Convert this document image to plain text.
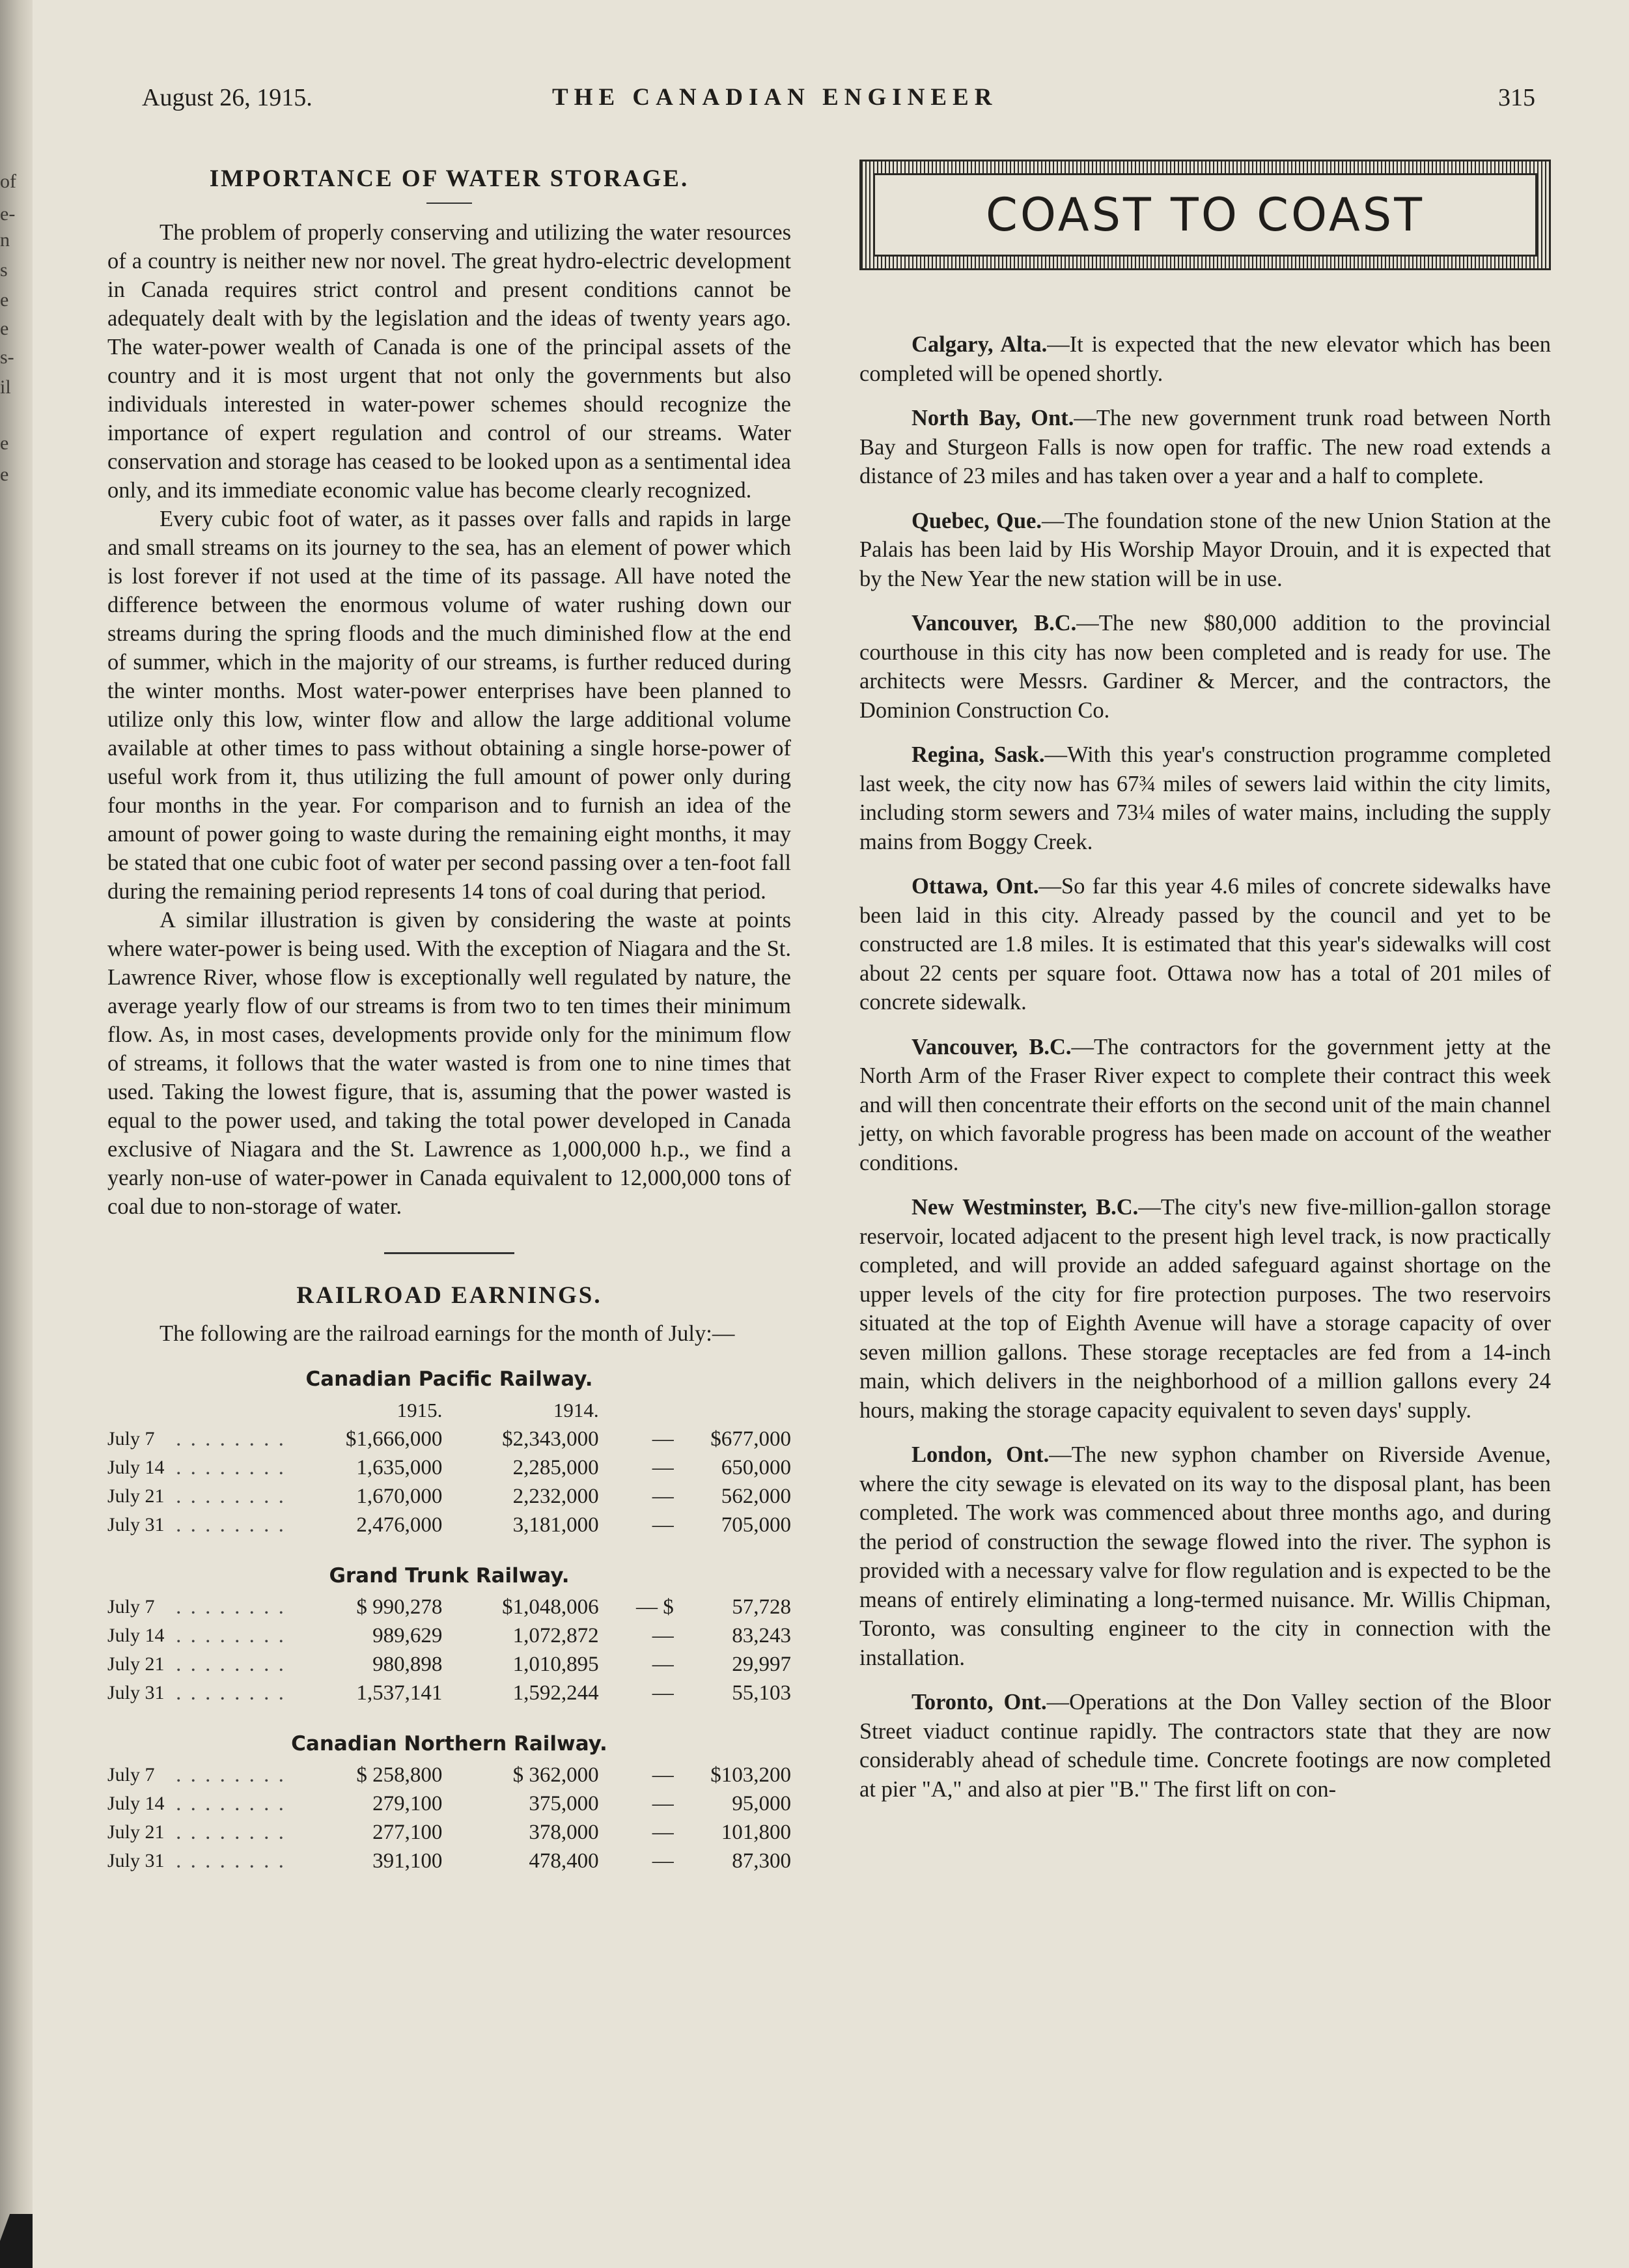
of
e-
n
s
e
e
s-
il
e
e
August 26, 1915.	THE CANADIAN ENGINEER	315
IMPORTANCE OF WATER STORAGE.

The problem of properly conserving and utilizing the water resources of a country is neither new nor novel. The great hydro-electric development in Canada requires strict control and present conditions cannot be adequately dealt with by the legislation and the ideas of twenty years ago. The water-power wealth of Canada is one of the principal assets of the country and it is most urgent that not only the governments but also individuals interested in water-power schemes should recognize the importance of expert regulation and control of our streams. Water conservation and storage has ceased to be looked upon as a sentimental idea only, and its immediate economic value has become clearly recognized.

Every cubic foot of water, as it passes over falls and rapids in large and small streams on its journey to the sea, has an element of power which is lost forever if not used at the time of its passage. All have noted the difference between the enormous volume of water rushing down our streams during the spring floods and the much diminished flow at the end of summer, which in the majority of our streams, is further reduced during the winter months. Most water-power enterprises have been planned to utilize only this low, winter flow and allow the large additional volume available at other times to pass without obtaining a single horse-power of useful work from it, thus utilizing the full amount of power only during four months in the year. For comparison and to furnish an idea of the amount of power going to waste during the remaining eight months, it may be stated that one cubic foot of water per second passing over a ten-foot fall during the remaining period represents 14 tons of coal during that period.

A similar illustration is given by considering the waste at points where water-power is being used. With the exception of Niagara and the St. Lawrence River, whose flow is exceptionally well regulated by nature, the average yearly flow of our streams is from two to ten times their minimum flow. As, in most cases, developments provide only for the minimum flow of streams, it follows that the water wasted is from one to nine times that used. Taking the lowest figure, that is, assuming that the power wasted is equal to the power used, and taking the total power developed in Canada exclusive of Niagara and the St. Lawrence as 1,000,000 h.p., we find a yearly non-use of water-power in Canada equivalent to 12,000,000 tons of coal due to non-storage of water.

RAILROAD EARNINGS.

The following are the railroad earnings for the month of July:—

Canadian Pacific Railway.
		1915.	1914.		
July 7	. . . . . . . .	$1,666,000	$2,343,000	—	$677,000
July 14	. . . . . . . .	1,635,000	2,285,000	—	650,000
July 21	. . . . . . . .	1,670,000	2,232,000	—	562,000
July 31	. . . . . . . .	2,476,000	3,181,000	—	705,000
Grand Trunk Railway.
July 7	. . . . . . . .	$ 990,278	$1,048,006	— $	57,728
July 14	. . . . . . . .	989,629	1,072,872	—	83,243
July 21	. . . . . . . .	980,898	1,010,895	—	29,997
July 31	. . . . . . . .	1,537,141	1,592,244	—	55,103
Canadian Northern Railway.
July 7	. . . . . . . .	$ 258,800	$ 362,000	—	$103,200
July 14	. . . . . . . .	279,100	375,000	—	95,000
July 21	. . . . . . . .	277,100	378,000	—	101,800
July 31	. . . . . . . .	391,100	478,400	—	87,300
COAST TO COAST

Calgary, Alta.—It is expected that the new elevator which has been completed will be opened shortly.

North Bay, Ont.—The new government trunk road between North Bay and Sturgeon Falls is now open for traffic. The new road extends a distance of 23 miles and has taken over a year and a half to complete.

Quebec, Que.—The foundation stone of the new Union Station at the Palais has been laid by His Worship Mayor Drouin, and it is expected that by the New Year the new station will be in use.

Vancouver, B.C.—The new $80,000 addition to the provincial courthouse in this city has now been completed and is ready for use. The architects were Messrs. Gardiner & Mercer, and the contractors, the Dominion Construction Co.

Regina, Sask.—With this year's construction programme completed last week, the city now has 67¾ miles of sewers laid within the city limits, including storm sewers and 73¼ miles of water mains, including the supply mains from Boggy Creek.

Ottawa, Ont.—So far this year 4.6 miles of concrete sidewalks have been laid in this city. Already passed by the council and yet to be constructed are 1.8 miles. It is estimated that this year's sidewalks will cost about 22 cents per square foot. Ottawa now has a total of 201 miles of concrete sidewalk.

Vancouver, B.C.—The contractors for the government jetty at the North Arm of the Fraser River expect to complete their contract this week and will then concentrate their efforts on the second unit of the main channel jetty, on which favorable progress has been made on account of the weather conditions.

New Westminster, B.C.—The city's new five-million-gallon storage reservoir, located adjacent to the present high level track, is now practically completed, and will provide an added safeguard against shortage on the upper levels of the city for fire protection purposes. The two reservoirs situated at the top of Eighth Avenue will have a storage capacity of over seven million gallons. These storage receptacles are fed from a 14-inch main, which delivers in the neighborhood of a million gallons every 24 hours, making the storage capacity equivalent to seven days' supply.

London, Ont.—The new syphon chamber on Riverside Avenue, where the city sewage is elevated on its way to the disposal plant, has been completed. The work was commenced about three months ago, and during the period of construction the sewage flowed into the river. The syphon is provided with a necessary valve for flow regulation and is expected to be the means of entirely eliminating a long-termed nuisance. Mr. Willis Chipman, Toronto, was consulting engineer to the city in connection with the installation.

Toronto, Ont.—Operations at the Don Valley section of the Bloor Street viaduct continue rapidly. The contractors state that they are now considerably ahead of schedule time. Concrete footings are now completed at pier "A," and also at pier "B." The first lift on con-
